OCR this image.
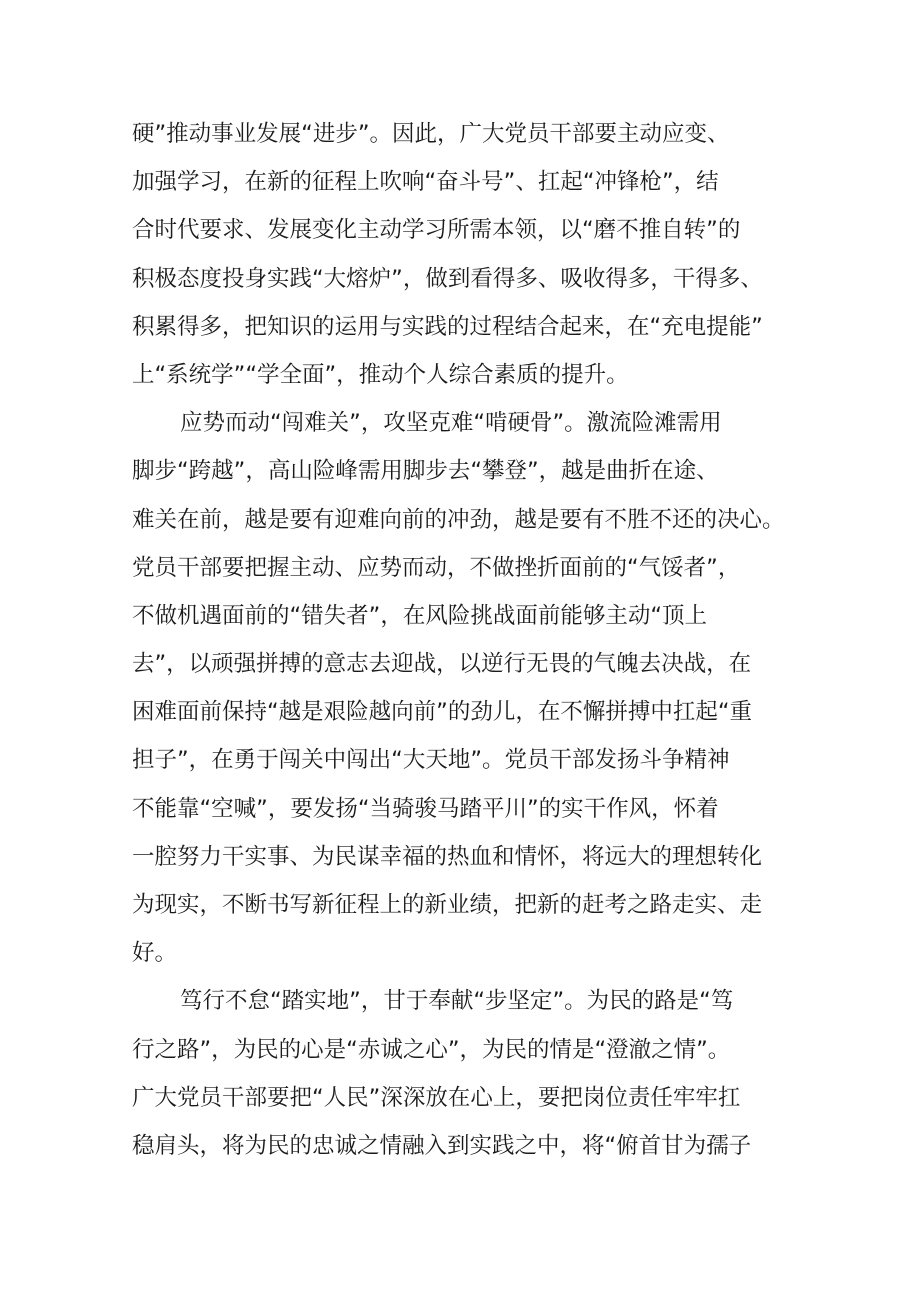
硬”推动事业发展“进步”。因此，广大党员干部要主动应变、
加强学习，在新的征程上吹响“奋斗号”、扛起“冲锋枪”，结
合时代要求、发展变化主动学习所需本领，以“磨不推自转”的
积极态度投身实践“大熔炉”，做到看得多、吸收得多，干得多、
积累得多，把知识的运用与实践的过程结合起来，在“充电提能”
上“系统学”“学全面”，推动个人综合素质的提升。
应势而动“闯难关”，攻坚克难“啃硬骨”。激流险滩需用
脚步“跨越”，高山险峰需用脚步去“攀登”，越是曲折在途、
难关在前，越是要有迎难向前的冲劲，越是要有不胜不还的决心。
党员干部要把握主动、应势而动，不做挫折面前的“气馁者”，
不做机遇面前的“错失者”，在风险挑战面前能够主动“顶上
去”，以顽强拼搏的意志去迎战，以逆行无畏的气魄去决战，在
困难面前保持“越是艰险越向前”的劲儿，在不懈拼搏中扛起“重
担子”，在勇于闯关中闯出“大天地”。党员干部发扬斗争精神
不能靠“空喊”，要发扬“当骑骏马踏平川”的实干作风，怀着
一腔努力干实事、为民谋幸福的热血和情怀，将远大的理想转化
为现实，不断书写新征程上的新业绩，把新的赶考之路走实、走
好。
笃行不怠“踏实地”，甘于奉献“步坚定”。为民的路是“笃
行之路”，为民的心是“赤诚之心”，为民的情是“澄澈之情”。
广大党员干部要把“人民”深深放在心上，要把岗位责任牢牢扛
稳肩头，将为民的忠诚之情融入到实践之中，将“俯首甘为孺子
